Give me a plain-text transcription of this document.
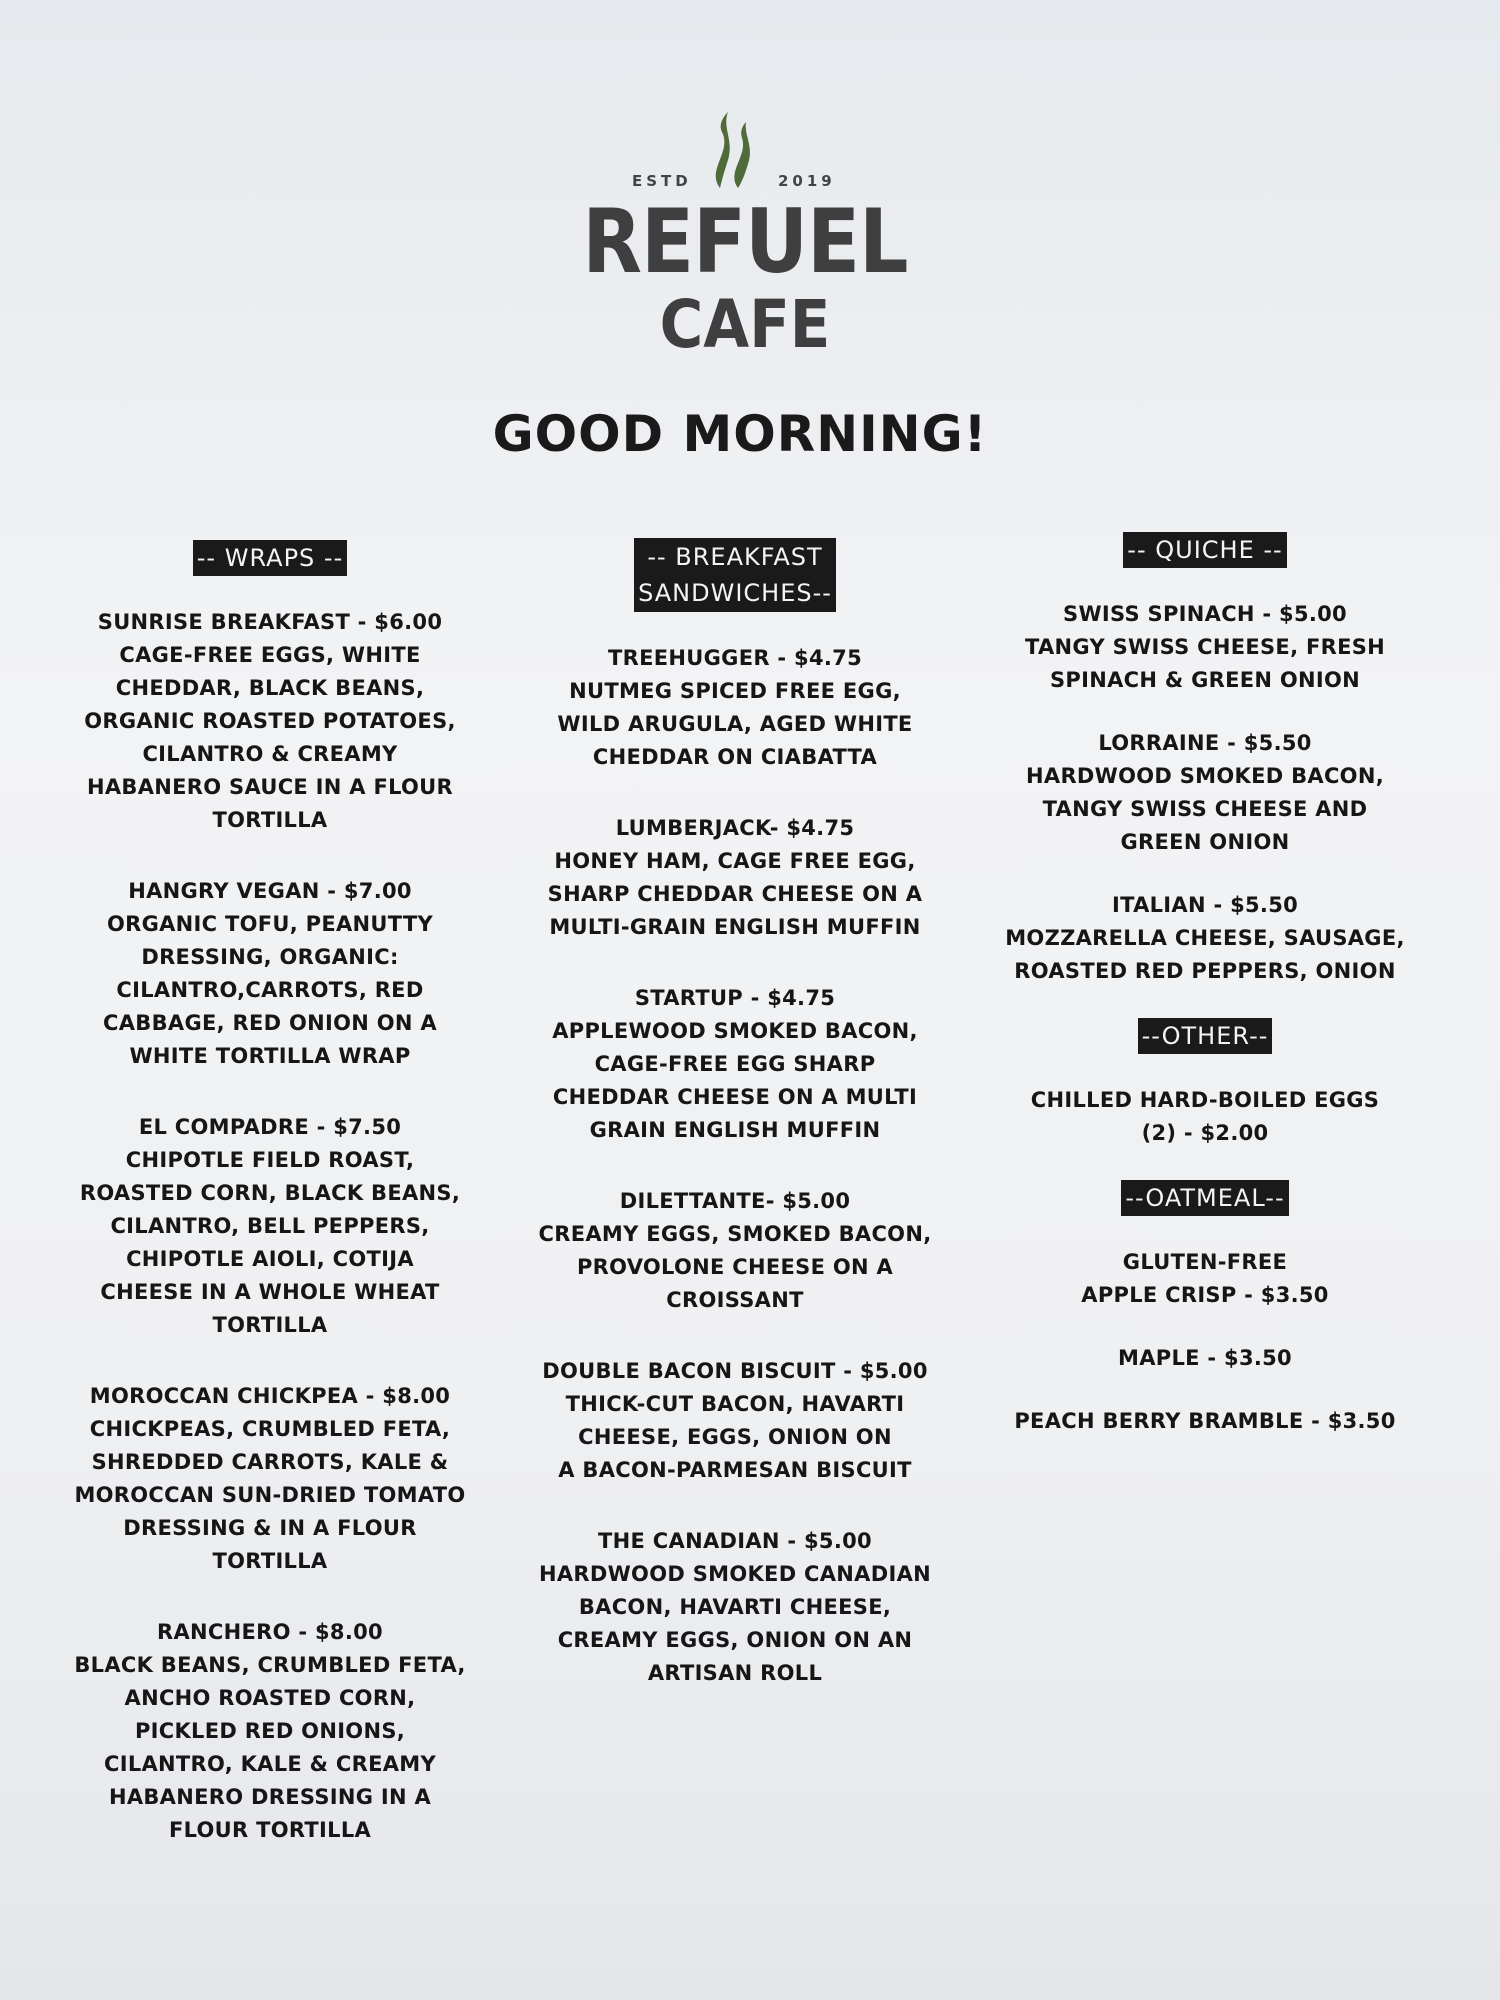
ESTD	2019
REFUEL
CAFE
GOOD MORNING!
-- WRAPS --
SUNRISE BREAKFAST - $6.00
CAGE-FREE EGGS, WHITE
CHEDDAR, BLACK BEANS,
ORGANIC ROASTED POTATOES,
CILANTRO & CREAMY
HABANERO SAUCE IN A FLOUR
TORTILLA
HANGRY VEGAN - $7.00
ORGANIC TOFU, PEANUTTY
DRESSING, ORGANIC:
CILANTRO,CARROTS, RED
CABBAGE, RED ONION ON A
WHITE TORTILLA WRAP
EL COMPADRE - $7.50
CHIPOTLE FIELD ROAST,
ROASTED CORN, BLACK BEANS,
CILANTRO, BELL PEPPERS,
CHIPOTLE AIOLI, COTIJA
CHEESE IN A WHOLE WHEAT
TORTILLA
MOROCCAN CHICKPEA - $8.00
CHICKPEAS, CRUMBLED FETA,
SHREDDED CARROTS, KALE &
MOROCCAN SUN-DRIED TOMATO
DRESSING & IN A FLOUR
TORTILLA
RANCHERO - $8.00
BLACK BEANS, CRUMBLED FETA,
ANCHO ROASTED CORN,
PICKLED RED ONIONS,
CILANTRO, KALE & CREAMY
HABANERO DRESSING IN A
FLOUR TORTILLA
-- BREAKFAST
SANDWICHES--
TREEHUGGER - $4.75
NUTMEG SPICED FREE EGG,
WILD ARUGULA, AGED WHITE
CHEDDAR ON CIABATTA
LUMBERJACK- $4.75
HONEY HAM, CAGE FREE EGG,
SHARP CHEDDAR CHEESE ON A
MULTI-GRAIN ENGLISH MUFFIN
STARTUP - $4.75
APPLEWOOD SMOKED BACON,
CAGE-FREE EGG SHARP
CHEDDAR CHEESE ON A MULTI
GRAIN ENGLISH MUFFIN
DILETTANTE- $5.00
CREAMY EGGS, SMOKED BACON,
PROVOLONE CHEESE ON A
CROISSANT
DOUBLE BACON BISCUIT - $5.00
THICK-CUT BACON, HAVARTI
CHEESE, EGGS, ONION ON
A BACON-PARMESAN BISCUIT
THE CANADIAN - $5.00
HARDWOOD SMOKED CANADIAN
BACON, HAVARTI CHEESE,
CREAMY EGGS, ONION ON AN
ARTISAN ROLL
-- QUICHE --
SWISS SPINACH - $5.00
TANGY SWISS CHEESE, FRESH
SPINACH & GREEN ONION
LORRAINE - $5.50
HARDWOOD SMOKED BACON,
TANGY SWISS CHEESE AND
GREEN ONION
ITALIAN - $5.50
MOZZARELLA CHEESE, SAUSAGE,
ROASTED RED PEPPERS, ONION
--OTHER--
CHILLED HARD-BOILED EGGS
(2) - $2.00
--OATMEAL--
GLUTEN-FREE
APPLE CRISP - $3.50
MAPLE - $3.50
PEACH BERRY BRAMBLE - $3.50
